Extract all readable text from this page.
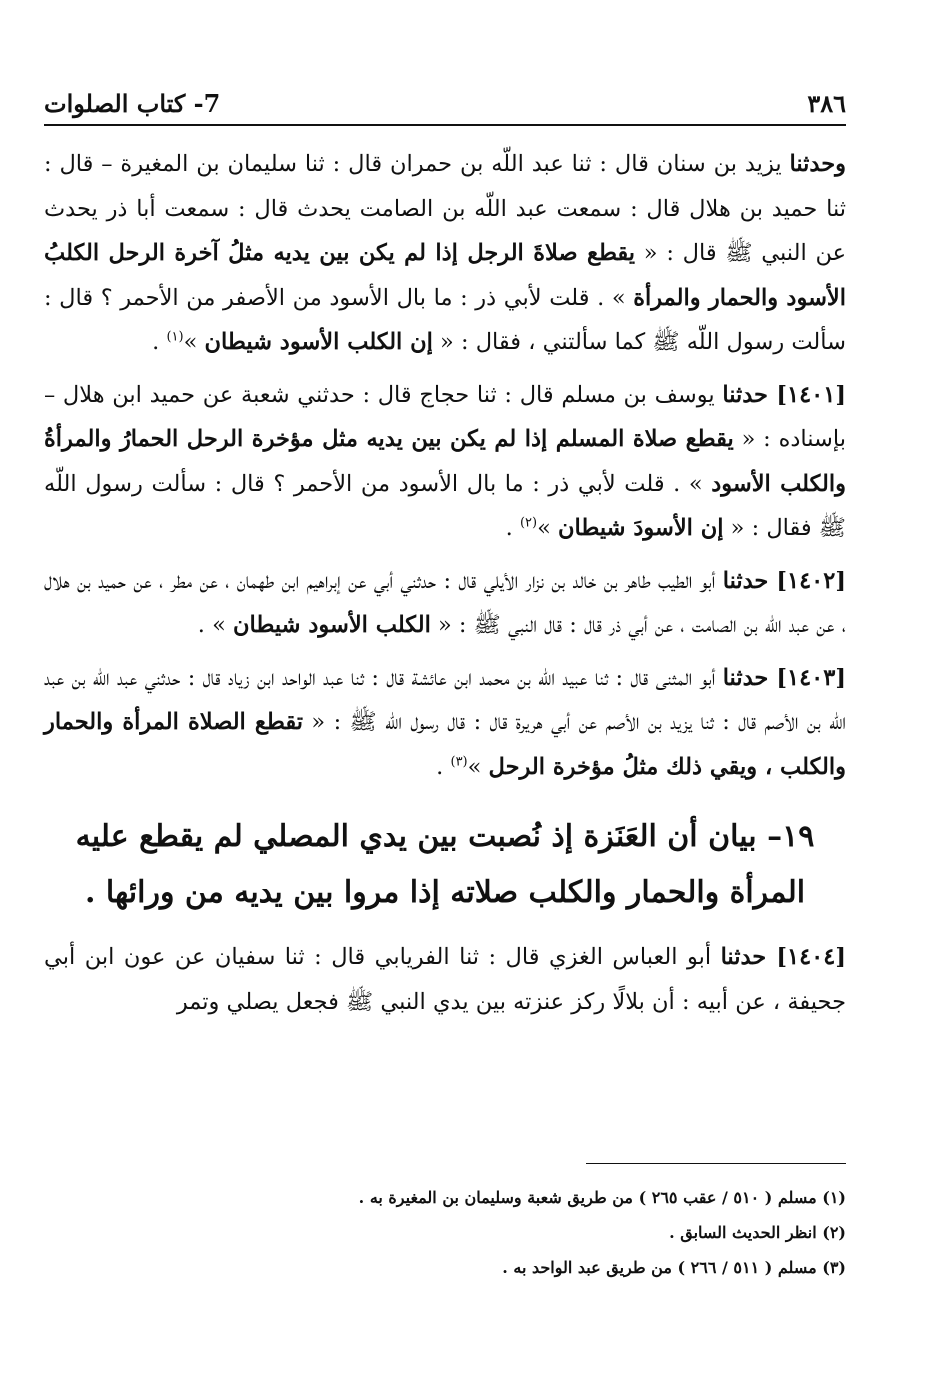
٣٨٦
7- كتاب الصلوات

وحدثنا يزيد بن سنان قال : ثنا عبد اللّه بن حمران قال : ثنا سليمان بن المغيرة – قال : ثنا حميد بن هلال قال : سمعت عبد اللّه بن الصامت يحدث قال : سمعت أبا ذر يحدث عن النبي ﷺ قال : « يقطع صلاةَ الرجل إذا لم يكن بين يديه مثلُ آخرة الرحل الكلبُ الأسود والحمار والمرأة » . قلت لأبي ذر : ما بال الأسود من الأصفر من الأحمر ؟ قال : سألت رسول اللّه ﷺ كما سألتني ، فقال : « إن الكلب الأسود شيطان »$^{(١)}$ .

[١٤٠١] حدثنا يوسف بن مسلم قال : ثنا حجاج قال : حدثني شعبة عن حميد ابن هلال – بإسناده : « يقطع صلاة المسلم إذا لم يكن بين يديه مثل مؤخرة الرحل الحمارُ والمرأةُ والكلب الأسود » . قلت لأبي ذر : ما بال الأسود من الأحمر ؟ قال : سألت رسول اللّه ﷺ فقال : « إن الأسودَ شيطان »$^{(٢)}$ .

[١٤٠٢] حدثنا أبو الطيب طاهر بن خالد بن نزار الأيلي قال : حدثني أبي عن إبراهيم ابن طهمان ، عن مطر ، عن حميد بن هلال ، عن عبد اللّه بن الصامت ، عن أبي ذر قال : قال النبي ﷺ : « الكلب الأسود شيطان » .

[١٤٠٣] حدثنا أبو المثنى قال : ثنا عبيد اللّه بن محمد ابن عائشة قال : ثنا عبد الواحد ابن زياد قال : حدثني عبد اللّه بن عبد اللّه بن الأصم قال : ثنا يزيد بن الأصم عن أبي هريرة قال : قال رسول اللّه ﷺ : « تقطع الصلاة المرأة والحمار والكلب ، ويقي ذلك مثلُ مؤخرة الرحل »$^{(٣)}$ .

١٩– بيان أن العَنَزة إذ نُصبت بين يدي المصلي لم يقطع عليه المرأة والحمار والكلب صلاته إذا مروا بين يديه من ورائها .

[١٤٠٤] حدثنا أبو العباس الغزي قال : ثنا الفريابي قال : ثنا سفيان عن عون ابن أبي جحيفة ، عن أبيه : أن بلالًا ركز عنزته بين يدي النبي ﷺ فجعل يصلي وتمر

(١) مسلم ( ٥١٠ / عقب ٢٦٥ ) من طريق شعبة وسليمان بن المغيرة به .
(٢) انظر الحديث السابق .
(٣) مسلم ( ٥١١ / ٢٦٦ ) من طريق عبد الواحد به .
